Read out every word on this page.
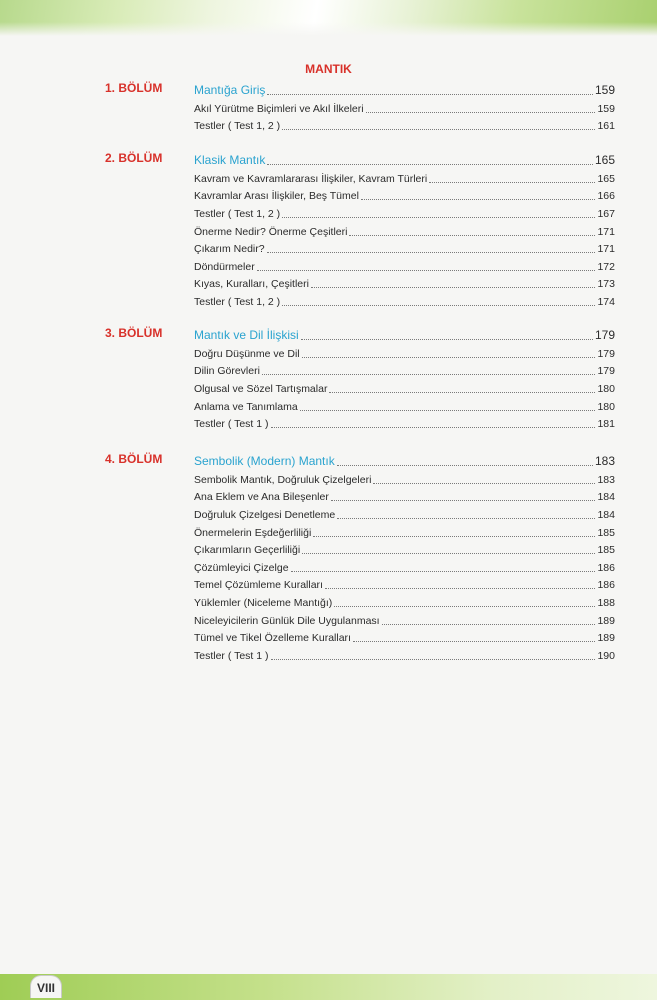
MANTIK
1. BÖLÜM	Mantığa Giriş	159
Akıl Yürütme Biçimleri ve Akıl İlkeleri	159
Testler ( Test 1, 2 )	161
2. BÖLÜM	Klasik Mantık	165
Kavram ve Kavramlararası İlişkiler, Kavram Türleri	165
Kavramlar Arası İlişkiler, Beş Tümel	166
Testler ( Test 1, 2 )	167
Önerme Nedir? Önerme Çeşitleri	171
Çıkarım Nedir?	171
Döndürmeler	172
Kıyas, Kuralları, Çeşitleri	173
Testler ( Test 1, 2 )	174
3. BÖLÜM	Mantık ve Dil İlişkisi	179
Doğru Düşünme ve Dil	179
Dilin Görevleri	179
Olgusal ve Sözel Tartışmalar	180
Anlama ve Tanımlama	180
Testler ( Test 1 )	181
4. BÖLÜM	Sembolik (Modern) Mantık	183
Sembolik Mantık, Doğruluk Çizelgeleri	183
Ana Eklem ve Ana Bileşenler	184
Doğruluk Çizelgesi Denetleme	184
Önermelerin Eşdeğerliliği	185
Çıkarımların Geçerliliği	185
Çözümleyici Çizelge	186
Temel Çözümleme Kuralları	186
Yüklemler (Niceleme Mantığı)	188
Niceleyicilerin Günlük Dile Uygulanması	189
Tümel ve Tikel Özelleme Kuralları	189
Testler ( Test 1 )	190
VIII
